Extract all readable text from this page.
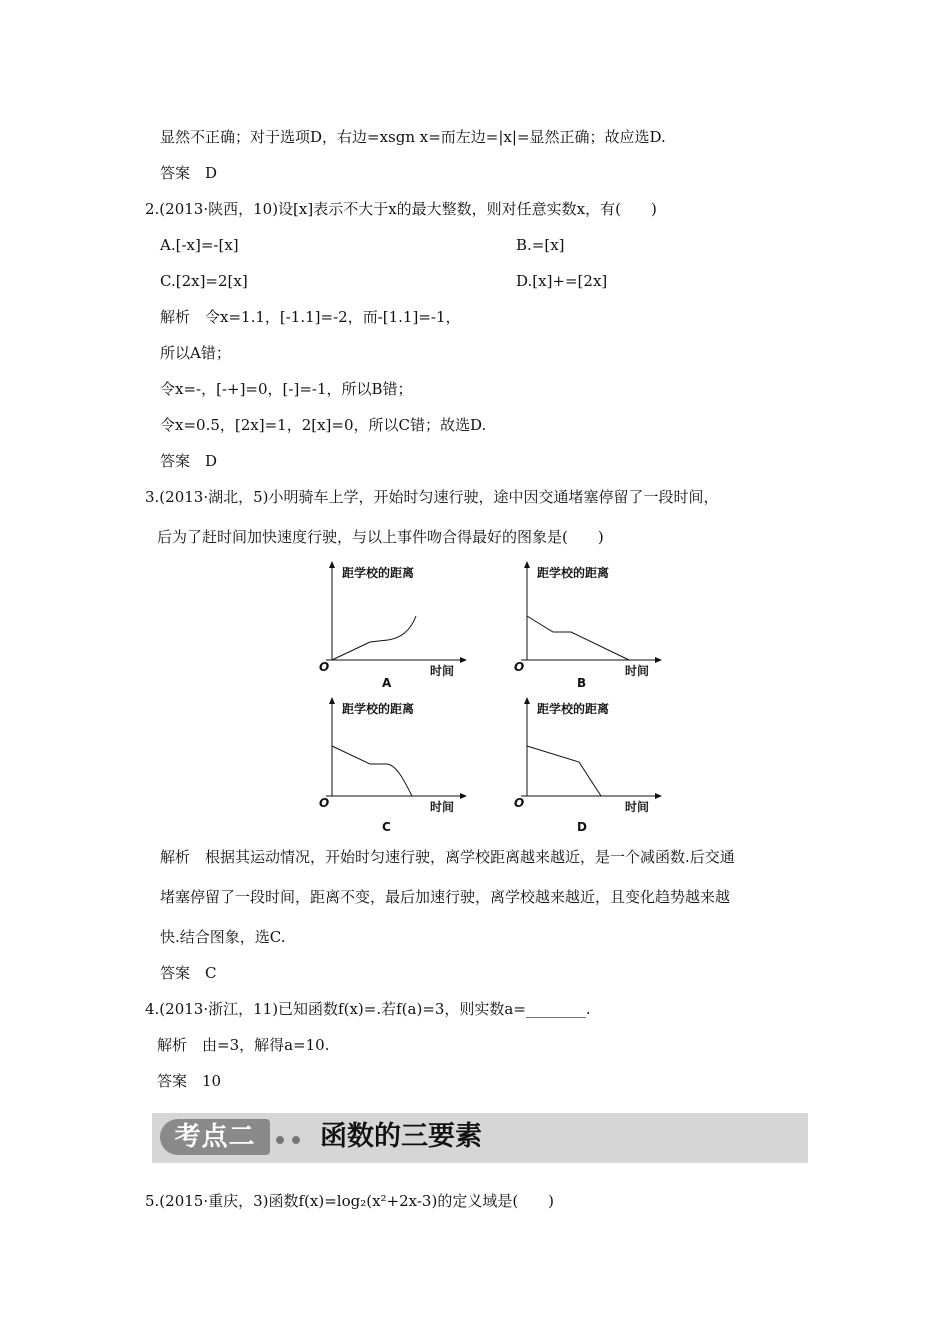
显然不正确；对于选项D，右边=xsgn x=而左边=|x|=显然正确；故应选D.
答案　D
2.(2013·陕西，10)设[x]表示不大于x的最大整数，则对任意实数x，有(　　)
A.[-x]=-[x]	B.=[x]
C.[2x]=2[x]	D.[x]+=[2x]
解析　令x=1.1，[-1.1]=-2，而-[1.1]=-1，
所以A错；
令x=-，[-+]=0，[-]=-1，所以B错；
令x=0.5，[2x]=1，2[x]=0，所以C错；故选D.
答案　D
3.(2013·湖北，5)小明骑车上学，开始时匀速行驶，途中因交通堵塞停留了一段时间，
后为了赶时间加快速度行驶，与以上事件吻合得最好的图象是(　　)
距学校的距离
时间
O
A
距学校的距离
时间
O
B
距学校的距离
时间
O
C
距学校的距离
时间
O
D
解析　根据其运动情况，开始时匀速行驶，离学校距离越来越近，是一个减函数.后交通
堵塞停留了一段时间，距离不变，最后加速行驶，离学校越来越近，且变化趋势越来越
快.结合图象，选C.
答案　C
4.(2013·浙江，11)已知函数f(x)=.若f(a)=3，则实数a=________.
解析　由=3，解得a=10.
答案　10
考点二	函数的三要素
5.(2015·重庆，3)函数f(x)=log₂(x²+2x-3)的定义域是(　　)
